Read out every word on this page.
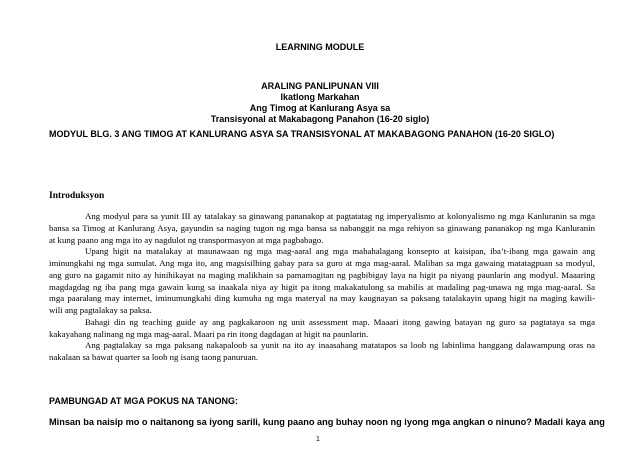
LEARNING MODULE
ARALING PANLIPUNAN VIII
Ikatlong Markahan
Ang Timog at Kanlurang Asya sa
Transisyonal at Makabagong Panahon (16-20 siglo)
MODYUL BLG. 3 ANG TIMOG AT KANLURANG ASYA SA TRANSISYONAL AT MAKABAGONG PANAHON (16-20 SIGLO)
Introduksyon
Ang modyul para sa yunit III ay tatalakay sa ginawang pananakop at pagtatatag ng imperyalismo at kolonyalismo ng mga Kanluranin sa mga
bansa sa Timog at Kanlurang Asya, gayundin sa naging tugon ng mga bansa sa nabanggit na mga rehiyon sa ginawang pananakop ng mga Kanluranin
at kung paano ang mga ito ay nagdulot ng transpormasyon at mga pagbabago.
Upang higit na matalakay at maunawaan ng mga mag-aaral ang mga mahahalagang konsepto at kaisipan, iba’t-ibang mga gawain ang
iminungkahi ng mga sumulat. Ang mga ito, ang magsisilbing gabay para sa guro at mga mag-aaral. Maliban sa mga gawaing matatagpuan sa modyul,
ang guro na gagamit nito ay hinihikayat na maging malikhain sa pamamagitan ng pagbibigay laya na higit pa niyang paunlarin ang modyul. Maaaring
magdagdag ng iba pang mga gawain kung sa inaakala niya ay higit pa itong makakatulong sa mabilis at madaling pag-unawa ng mga mag-aaral. Sa
mga paaralang may internet, iminumungkahi ding kumuha ng mga materyal na may kaugnayan sa paksang tatalakayin upang higit na maging kawili-
wili ang pagtalakay sa paksa.
Bahagi din ng teaching guide ay ang pagkakaroon ng unit assessment map. Maaari itong gawing batayan ng guro sa pagtataya sa mga
kakayahang nalinang ng mga mag-aaral. Maari pa rin itong dagdagan at higit na paunlarin.
Ang pagtalakay sa mga paksang nakapaloob sa yunit na ito ay inaasahang matatapos sa loob ng labinlima hanggang dalawampung oras na
nakalaan sa bawat quarter sa loob ng isang taong panuruan.
PAMBUNGAD AT MGA POKUS NA TANONG:
Minsan ba naisip mo o naitanong sa iyong sarili, kung paano ang buhay noon ng iyong mga angkan o ninuno? Madali kaya ang
1
